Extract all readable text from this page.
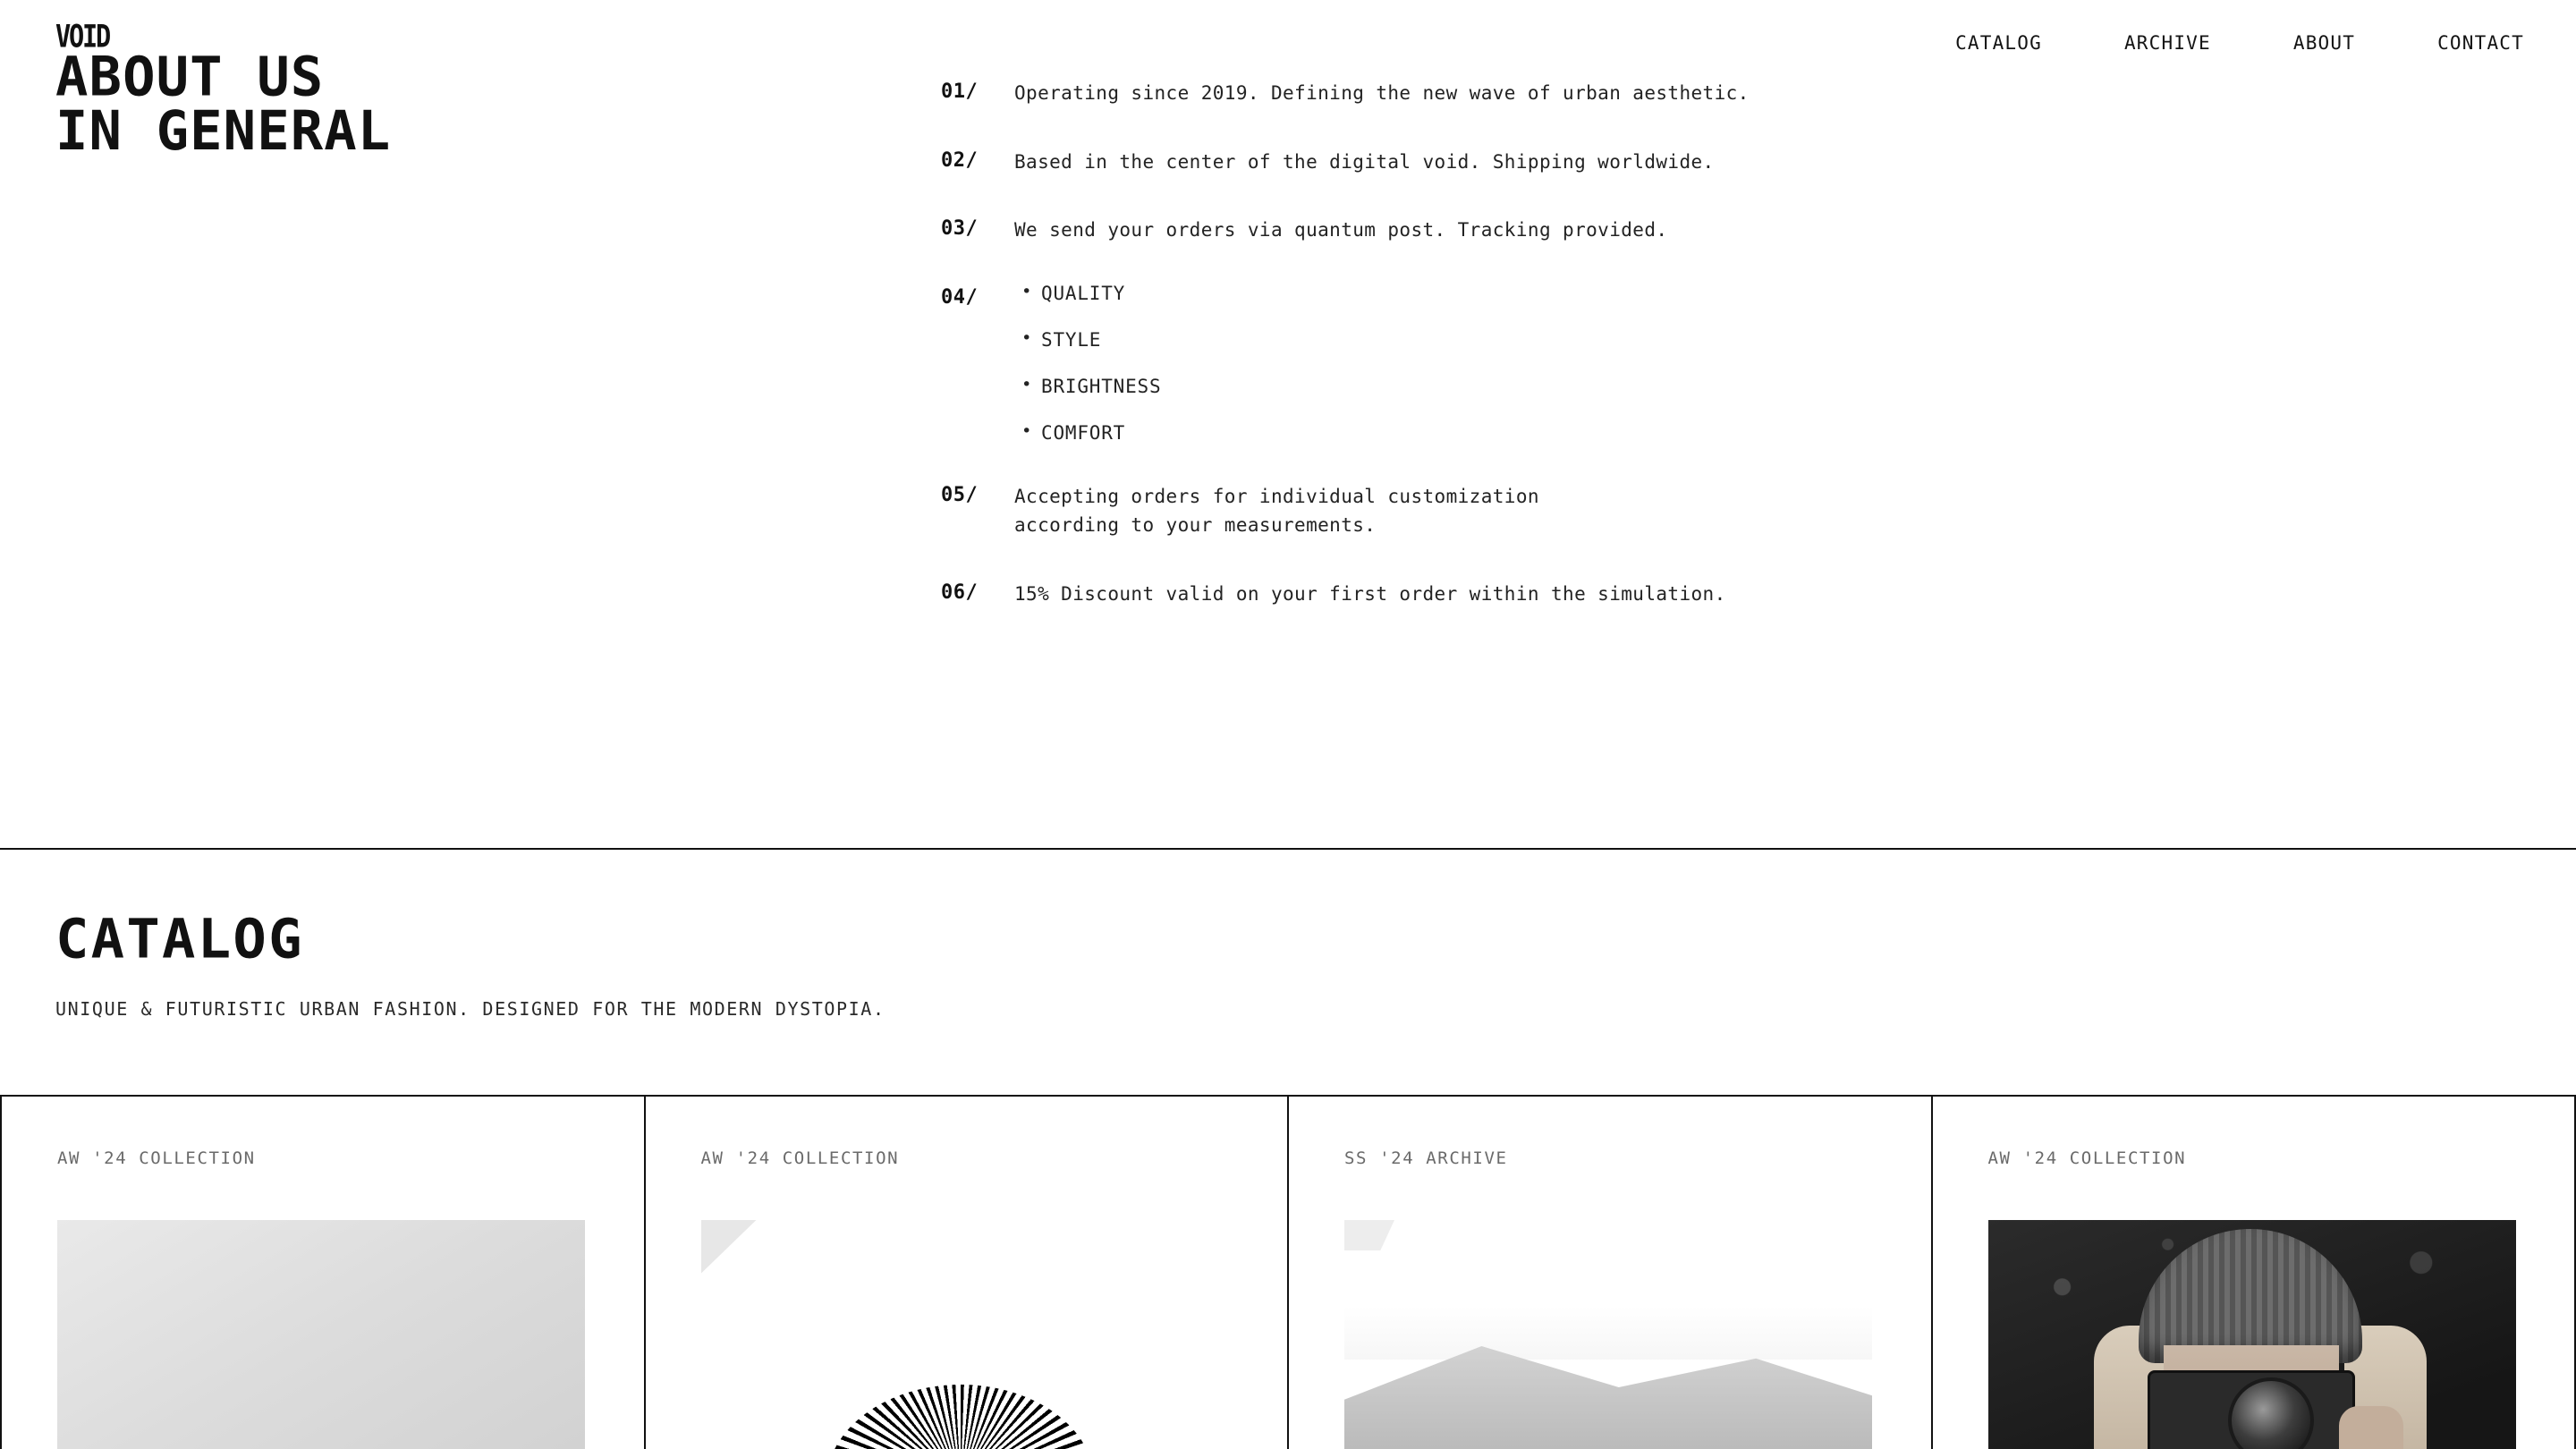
CATALOG	ARCHIVE	ABOUT	CONTACT
VOID
ABOUT US
IN GENERAL
01/	Operating since 2019. Defining the new wave of urban aesthetic.
02/	Based in the center of the digital void. Shipping worldwide.
03/	We send your orders via quantum post. Tracking provided.
04/	• QUALITY
• STYLE
• BRIGHTNESS
• COMFORT
05/	Accepting orders for individual customization according to your measurements.
06/	15% Discount valid on your first order within the simulation.
CATALOG

UNIQUE & FUTURISTIC URBAN FASHION. DESIGNED FOR THE MODERN DYSTOPIA.

AW '24 COLLECTION	AW '24 COLLECTION	SS '24 ARCHIVE	AW '24 COLLECTION
